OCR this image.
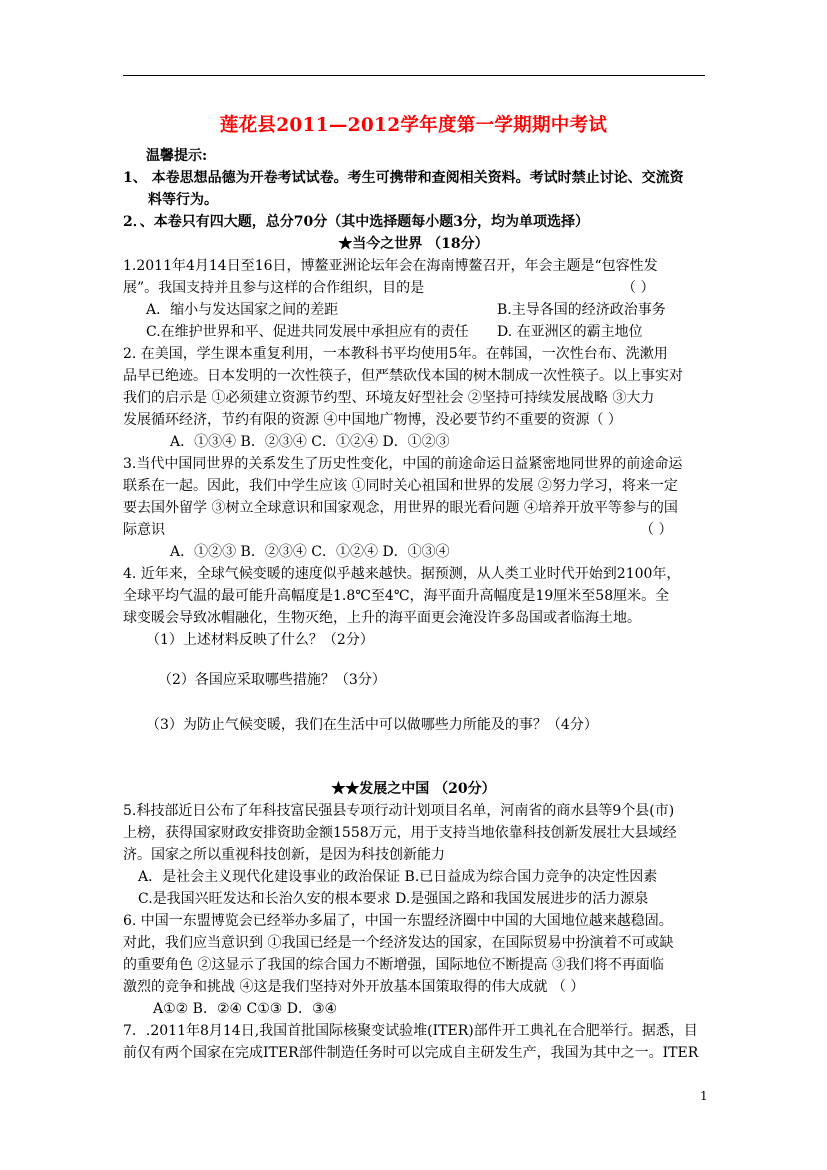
莲花县2011—2012学年度第一学期期中考试
温馨提示:
1、 本卷思想品德为开卷考试试卷。考生可携带和查阅相关资料。考试时禁止讨论、交流资
料等行为。
2．、本卷只有四大题，总分70分（其中选择题每小题3分，均为单项选择）
★当今之世界 （18分）
1.2011年4月14日至16日，博鳌亚洲论坛年会在海南博鳌召开，年会主题是“包容性发
展”。我国支持并且参与这样的合作组织，目的是	（ ）
A．缩小与发达国家之间的差距	B.主导各国的经济政治事务
C.在维护世界和平、促进共同发展中承担应有的责任 D. 在亚洲区的霸主地位
2. 在美国，学生课本重复利用，一本教科书平均使用5年。在韩国，一次性台布、洗漱用
品早已绝迹。日本发明的一次性筷子，但严禁砍伐本国的树木制成一次性筷子。以上事实对
我们的启示是 ①必须建立资源节约型、环境友好型社会 ②坚持可持续发展战略 ③大力
发展循环经济，节约有限的资源 ④中国地广物博，没必要节约不重要的资源（ ）
A．①③④ B．②③④ C．①②④ D．①②③
3.当代中国同世界的关系发生了历史性变化，中国的前途命运日益紧密地同世界的前途命运
联系在一起。因此，我们中学生应该 ①同时关心祖国和世界的发展 ②努力学习，将来一定
要去国外留学 ③树立全球意识和国家观念，用世界的眼光看问题 ④培养开放平等参与的国
际意识	（ ）
A．①②③ B．②③④ C．①②④ D．①③④
4. 近年来，全球气候变暖的速度似乎越来越快。据预测，从人类工业时代开始到2100年，
全球平均气温的最可能升高幅度是1.8℃至4℃，海平面升高幅度是19厘米至58厘米。全
球变暖会导致冰帽融化，生物灭绝，上升的海平面更会淹没许多岛国或者临海土地。
（1）上述材料反映了什么？（2分）
（2）各国应采取哪些措施？（3分）
（3）为防止气候变暖，我们在生活中可以做哪些力所能及的事？（4分）
★★发展之中国 （20分）
5.科技部近日公布了年科技富民强县专项行动计划项目名单，河南省的商水县等9个县(市)
上榜，获得国家财政安排资助金额1558万元，用于支持当地依靠科技创新发展壮大县域经
济。国家之所以重视科技创新，是因为科技创新能力
A．是社会主义现代化建设事业的政治保证 B.已日益成为综合国力竞争的决定性因素
C.是我国兴旺发达和长治久安的根本要求 D.是强国之路和我国发展进步的活力源泉
6. 中国一东盟博览会已经举办多届了，中国一东盟经济圈中中国的大国地位越来越稳固。
对此，我们应当意识到 ①我国已经是一个经济发达的国家，在国际贸易中扮演着不可或缺
的重要角色 ②这显示了我国的综合国力不断增强，国际地位不断提高 ③我们将不再面临
激烈的竞争和挑战 ④这是我们坚持对外开放基本国策取得的伟大成就 （ ）
A①② B．②④ C①③ D．③④
7．.2011年8月14日,我国首批国际核聚变试验堆(ITER)部件开工典礼在合肥举行。据悉，目
前仅有两个国家在完成ITER部件制造任务时可以完成自主研发生产，我国为其中之一。ITER
1
